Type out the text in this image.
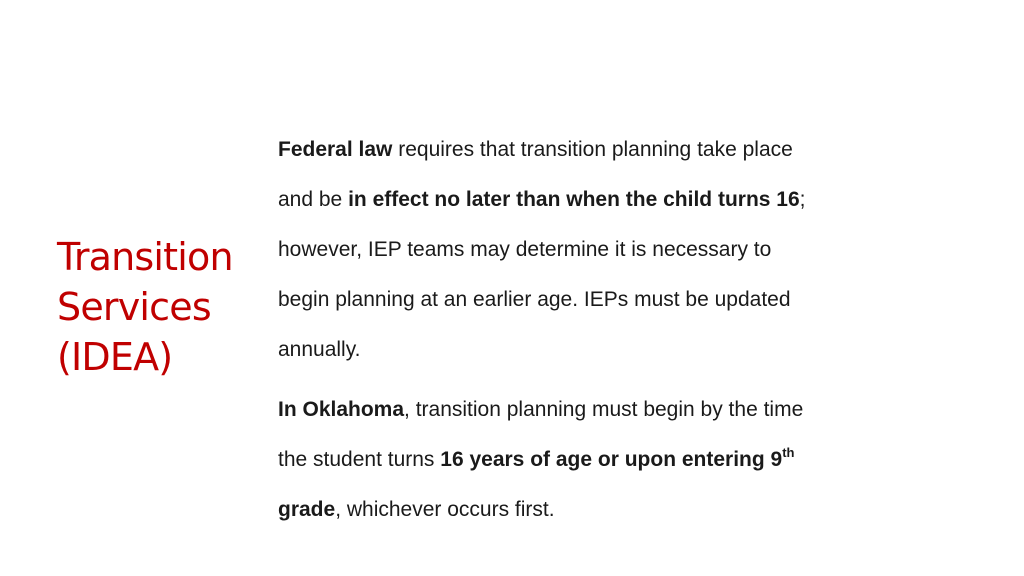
Transition
Services
(IDEA)

Federal law requires that transition planning take place
and be in effect no later than when the child turns 16;
however, IEP teams may determine it is necessary to
begin planning at an earlier age. IEPs must be updated
annually.

In Oklahoma, transition planning must begin by the time
the student turns 16 years of age or upon entering 9th
grade, whichever occurs first.
